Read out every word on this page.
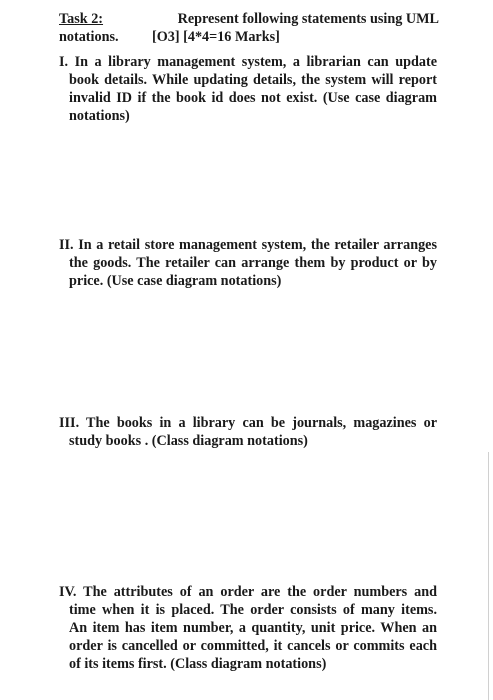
Task 2:	Represent following statements using UML
notations.	[O3] [4*4=16 Marks]
I. In a library management system, a librarian can update
book details. While updating details, the system will report
invalid ID if the book id does not exist. (Use case diagram
notations)
II. In a retail store management system, the retailer arranges
the goods. The retailer can arrange them by product or by
price. (Use case diagram notations)
III. The books in a library can be journals, magazines or
study books . (Class diagram notations)
IV. The attributes of an order are the order numbers and
time when it is placed. The order consists of many items.
An item has item number, a quantity, unit price. When an
order is cancelled or committed, it cancels or commits each
of its items first. (Class diagram notations)
